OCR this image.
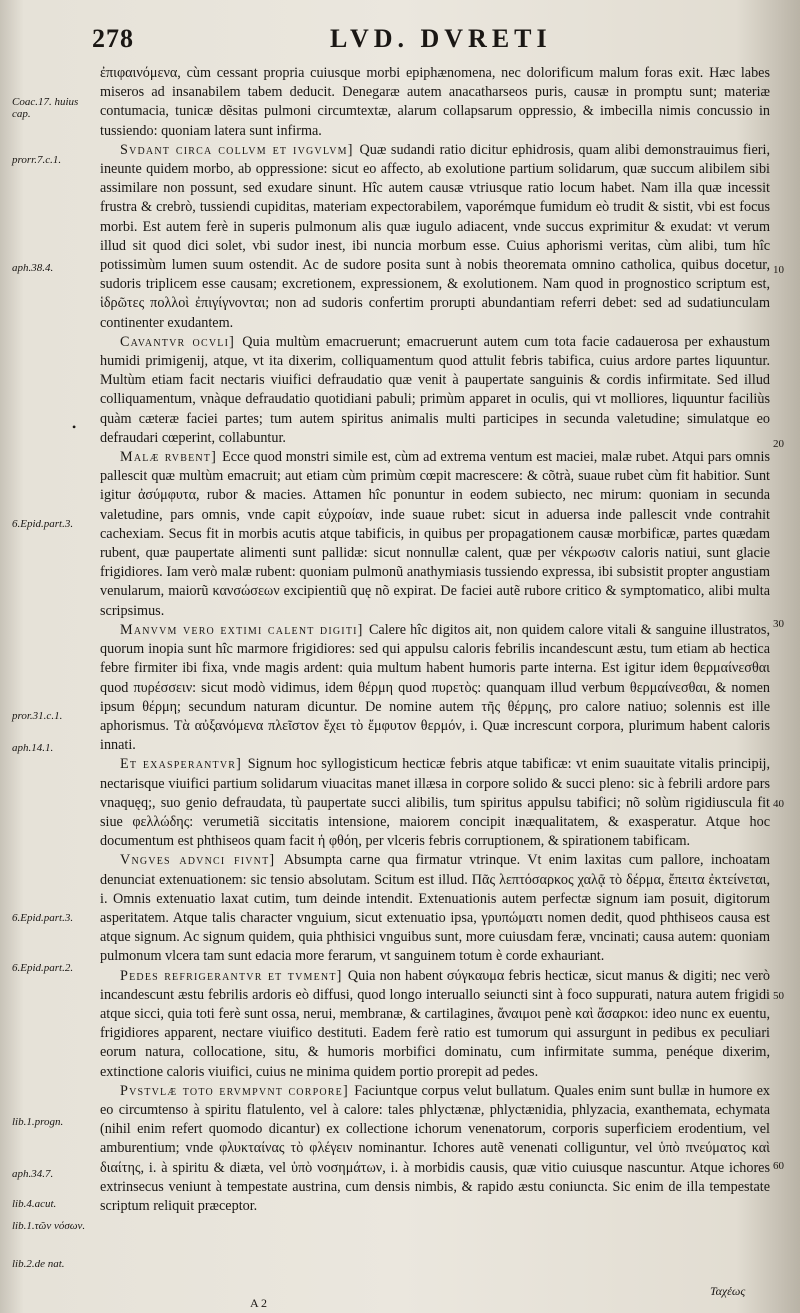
278	LVD. DVRETI
Coac.17. huius cap.
prorr.7.c.1.
aph.38.4.
6.Epid.part.3.
pror.31.c.1.
aph.14.1.
6.Epid.part.3.
6.Epid.part.2.
lib.1.progn.
aph.34.7.
lib.4.acut.
lib.1.τῶν νόσων.
lib.2.de nat.
10
20
30
40
50
60
•

ἐπιφαινόμενα, cùm cessant propria cuiusque morbi epiphænomena, nec dolorificum malum foras exit. Hæc labes miseros ad insanabilem tabem deducit. Denegaræ autem anacatharseos puris, causæ in promptu sunt; materiæ contumacia, tunicæ dẽsitas pulmoni circumtextæ, alarum collapsarum oppressio, & imbecilla nimis concussio in tussiendo: quoniam latera sunt infirma.

Svdant circa collvm et ivgvlvm] Quæ sudandi ratio dicitur ephidrosis, quam alibi demonstrauimus fieri, ineunte quidem morbo, ab oppressione: sicut eo affecto, ab exolutione partium solidarum, quæ succum alibilem sibi assimilare non possunt, sed exudare sinunt. Hîc autem causæ vtriusque ratio locum habet. Nam illa quæ incessit frustra & crebrò, tussiendi cupiditas, materiam expectorabilem, vaporémque fumidum eò trudit & sistit, vbi est focus morbi. Est autem ferè in superis pulmonum alis quæ iugulo adiacent, vnde succus exprimitur & exudat: vt verum illud sit quod dici solet, vbi sudor inest, ibi nuncia morbum esse. Cuius aphorismi veritas, cùm alibi, tum hîc potissimùm lumen suum ostendit. Ac de sudore posita sunt à nobis theoremata omnino catholica, quibus docetur, sudoris triplicem esse causam; excretionem, expressionem, & exolutionem. Nam quod in prognostico scriptum est, ἱδρῶτες πολλοὶ ἐπιγίγνονται; non ad sudoris confertim prorupti abundantiam referri debet: sed ad sudatiunculam continenter exudantem.

Cavantvr ocvli] Quia multùm emacruerunt; emacruerunt autem cum tota facie cadauerosa per exhaustum humidi primigenij, atque, vt ita dixerim, colliquamentum quod attulit febris tabifica, cuius ardore partes liquuntur. Multùm etiam facit nectaris viuifici defraudatio quæ venit à paupertate sanguinis & cordis infirmitate. Sed illud colliquamentum, vnàque defraudatio quotidiani pabuli; primùm apparet in oculis, qui vt molliores, liquuntur faciliùs quàm cæteræ faciei partes; tum autem spiritus animalis multi participes in secunda valetudine; simulatque eo defraudari cœperint, collabuntur.

Malæ rvbent] Ecce quod monstri simile est, cùm ad extrema ventum est maciei, malæ rubet. Atqui pars omnis pallescit quæ multùm emacruit; aut etiam cùm primùm cœpit macrescere: & cõtrà, suaue rubet cùm fit habitior. Sunt igitur ἀσύμφυτα, rubor & macies. Attamen hîc ponuntur in eodem subiecto, nec mirum: quoniam in secunda valetudine, pars omnis, vnde capit εὐχροίαν, inde suaue rubet: sicut in aduersa inde pallescit vnde contrahit cachexiam. Secus fit in morbis acutis atque tabificis, in quibus per propagationem causæ morbificæ, partes quædam rubent, quæ paupertate alimenti sunt pallidæ: sicut nonnullæ calent, quæ per νέκρωσιν caloris natiui, sunt glacie frigidiores. Iam verò malæ rubent: quoniam pulmonũ anathymiasis tussiendo expressa, ibi subsistit propter angustiam venularum, maiorũ κανσώσεων excipientiũ quę nõ expirat. De faciei autẽ rubore critico & symptomatico, alibi multa scripsimus.

Manvvm vero extimi calent digiti] Calere hîc digitos ait, non quidem calore vitali & sanguine illustratos, quorum inopia sunt hîc marmore frigidiores: sed qui appulsu caloris febrilis incandescunt æstu, tum etiam ab hectica febre firmiter ibi fixa, vnde magis ardent: quia multum habent humoris parte interna. Est igitur idem θερμαίνεσθαι quod πυρέσσειν: sicut modò vidimus, idem θέρμη quod πυρετὸς: quanquam illud verbum θερμαίνεσθαι, & nomen ipsum θέρμη; secundum naturam dicuntur. De nomine autem τῆς θέρμης, pro calore natiuo; solennis est ille aphorismus. Τὰ αὐξανόμενα πλεῖστον ἔχει τὸ ἔμφυτον θερμόν, i. Quæ increscunt corpora, plurimum habent caloris innati.

Et exasperantvr] Signum hoc syllogisticum hecticæ febris atque tabificæ: vt enim suauitate vitalis principij, nectarisque viuifici partium solidarum viuacitas manet illæsa in corpore solido & succi pleno: sic à febrili ardore pars vnaquęq;, suo genio defraudata, tù paupertate succi alibilis, tum spiritus appulsu tabifici; nõ solùm rigidiuscula fit siue φελλώδης: verumetiã siccitatis intensione, maiorem concipit inæqualitatem, & exasperatur. Atque hoc documentum est phthiseos quam facit ἡ φθόη, per vlceris febris corruptionem, & spirationem tabificam.

Vngves advnci fivnt] Absumpta carne qua firmatur vtrinque. Vt enim laxitas cum pallore, inchoatam denunciat extenuationem: sic tensio absolutam. Scitum est illud. Πᾶς λεπτόσαρκος χαλᾷ τὸ δέρμα, ἔπειτα ἐκτείνεται, i. Omnis extenuatio laxat cutim, tum deinde intendit. Extenuationis autem perfectæ signum iam posuit, digitorum asperitatem. Atque talis character vnguium, sicut extenuatio ipsa, γρυπώματι nomen dedit, quod phthiseos causa est atque signum. Ac signum quidem, quia phthisici vnguibus sunt, more cuiusdam feræ, vncinati; causa autem: quoniam pulmonum vlcera tam sunt edacia more ferarum, vt sanguinem totum è corde exhauriant.

Pedes refrigerantvr et tvment] Quia non habent σύγκαυμα febris hecticæ, sicut manus & digiti; nec verò incandescunt æstu febrilis ardoris eò diffusi, quod longo interuallo seiuncti sint à foco suppurati, natura autem frigidi atque sicci, quia toti ferè sunt ossa, nerui, membranæ, & cartilagines, ἄναιμοι penè καὶ ἄσαρκοι: ideo nunc ex euentu, frigidiores apparent, nectare viuifico destituti. Eadem ferè ratio est tumorum qui assurgunt in pedibus ex peculiari eorum natura, collocatione, situ, & humoris morbifici dominatu, cum infirmitate summa, penéque dixerim, extinctione caloris viuifici, cuius ne minima quidem portio prorepit ad pedes.

Pvstvlæ toto ervmpvnt corpore] Faciuntque corpus velut bullatum. Quales enim sunt bullæ in humore ex eo circumtenso à spiritu flatulento, vel à calore: tales phlyctænæ, phlyctænidia, phlyzacia, exanthemata, echymata (nihil enim refert quomodo dicantur) ex collectione ichorum venenatorum, corporis superficiem erodentium, vel amburentium; vnde φλυκταίνας τὸ φλέγειν nominantur. Ichores autẽ venenati colliguntur, vel ὑπὸ πνεύματος καὶ διαίτης, i. à spiritu & diæta, vel ὑπὸ νοσημάτων, i. à morbidis causis, quæ vitio cuiusque nascuntur. Atque ichores extrinsecus veniunt à tempestate austrina, cum densis nimbis, & rapido æstu coniuncta. Sic enim de illa tempestate scriptum reliquit præceptor.

A 2
Ταχέως
